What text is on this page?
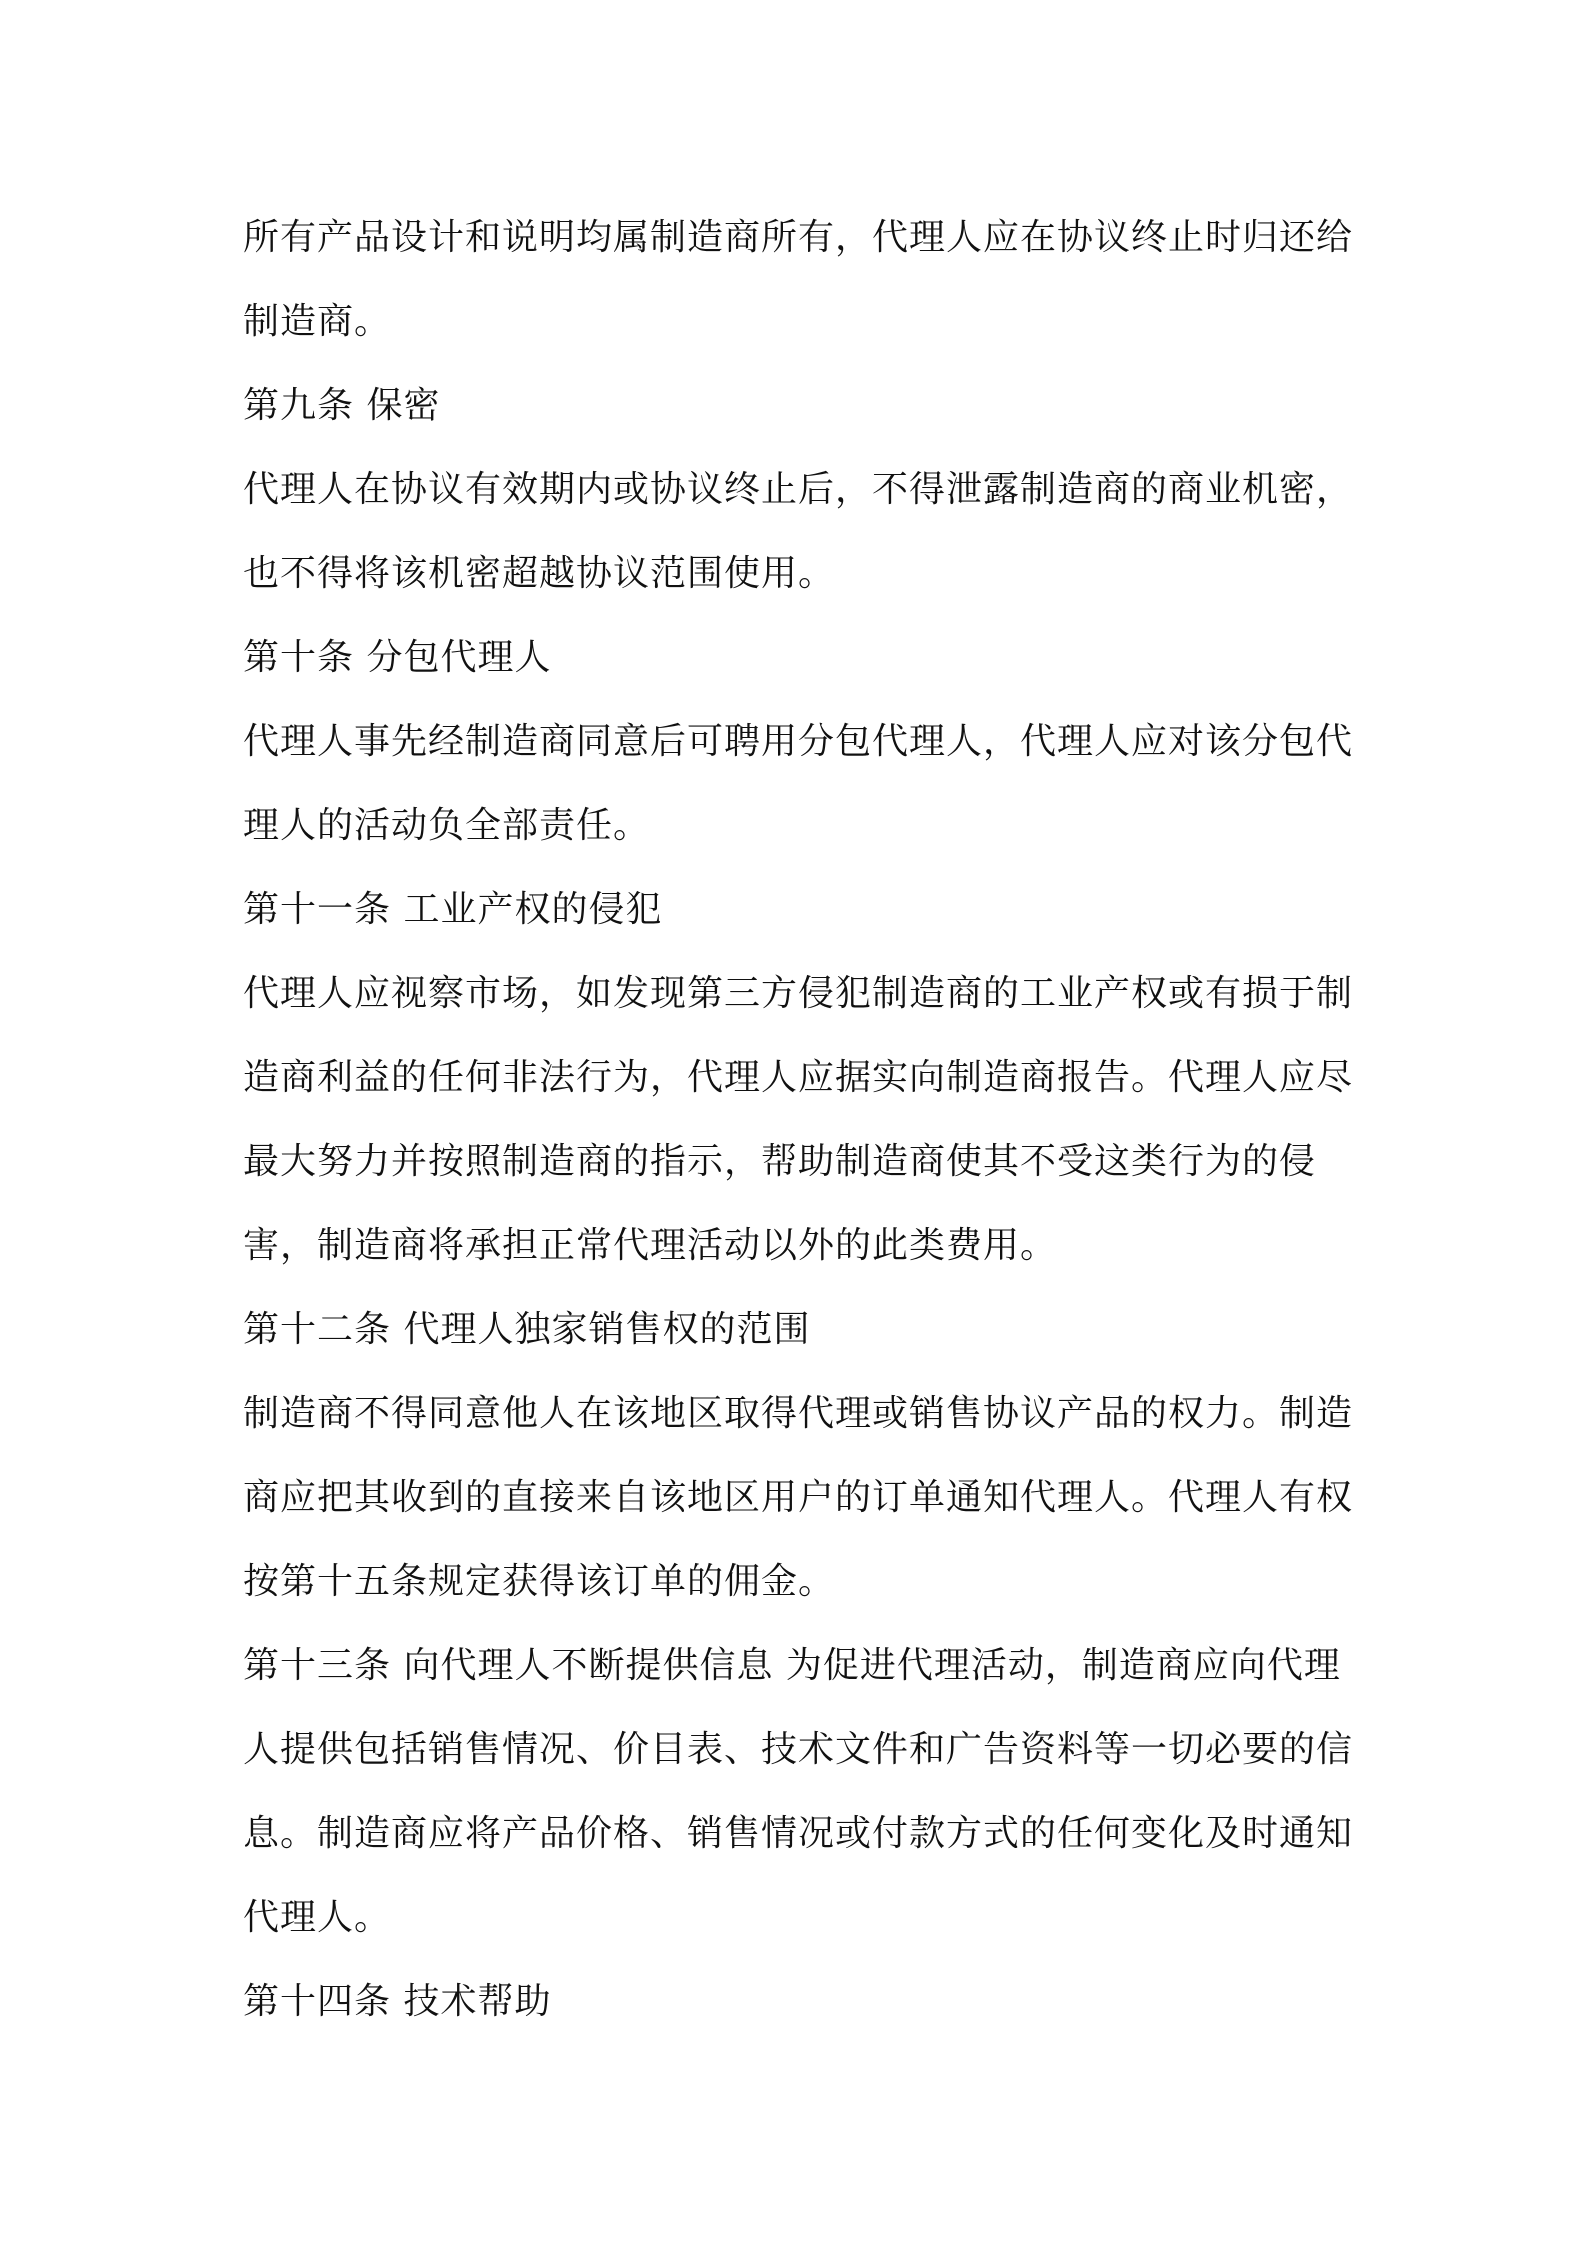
所有产品设计和说明均属制造商所有，代理人应在协议终止时归还给
制造商。
第九条 保密
代理人在协议有效期内或协议终止后，不得泄露制造商的商业机密，
也不得将该机密超越协议范围使用。
第十条 分包代理人
代理人事先经制造商同意后可聘用分包代理人，代理人应对该分包代
理人的活动负全部责任。
第十一条 工业产权的侵犯
代理人应视察市场，如发现第三方侵犯制造商的工业产权或有损于制
造商利益的任何非法行为，代理人应据实向制造商报告。代理人应尽
最大努力并按照制造商的指示，帮助制造商使其不受这类行为的侵
害，制造商将承担正常代理活动以外的此类费用。
第十二条 代理人独家销售权的范围
制造商不得同意他人在该地区取得代理或销售协议产品的权力。制造
商应把其收到的直接来自该地区用户的订单通知代理人。代理人有权
按第十五条规定获得该订单的佣金。
第十三条 向代理人不断提供信息 为促进代理活动，制造商应向代理
人提供包括销售情况、价目表、技术文件和广告资料等一切必要的信
息。制造商应将产品价格、销售情况或付款方式的任何变化及时通知
代理人。
第十四条 技术帮助
